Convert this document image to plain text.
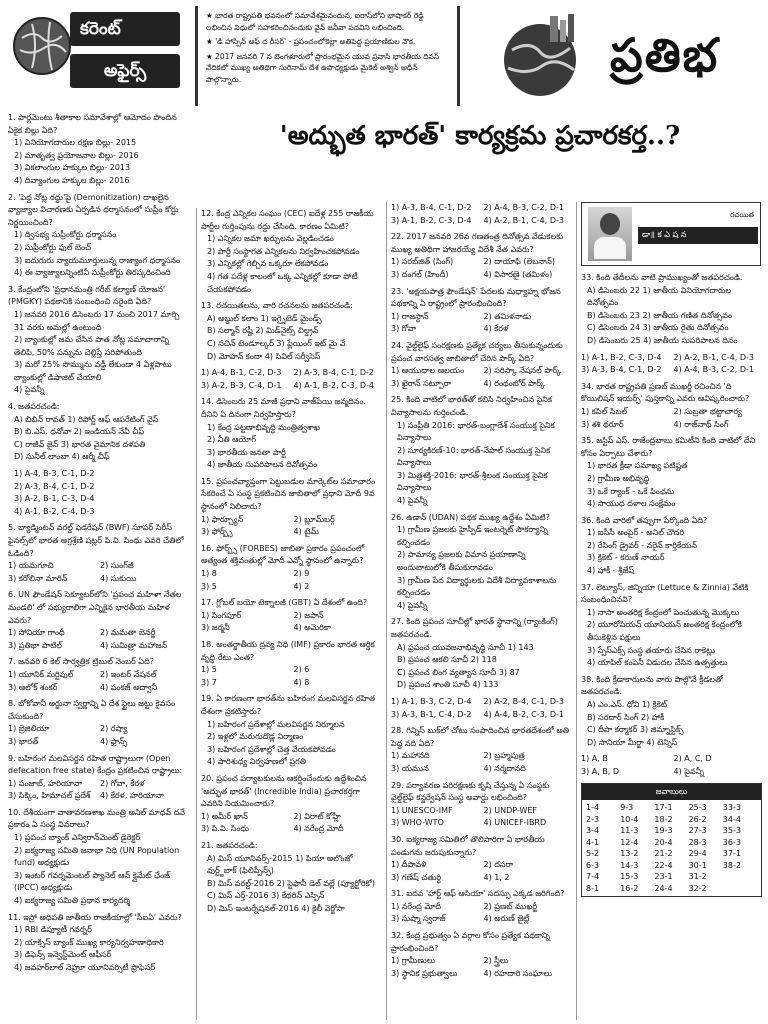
కరెంట్
అఫైర్స్

★ భారత రాష్ట్రపతి భవనంలో సమావేశమైనందున, ఐరాస్‌లోని భాషాకర్ రెడ్డి లభించిన విధులో సహకరించినందుకు వైన్ జనీవా పదవిని లభించింది.

★ 'డి హాస్పిన్ అఫ్ ద రీసర్' - ప్రపంచంలోకెల్లా అతిపెద్ద ప్రయాణికుల నౌక.

★ 2017 జనవరి 7 న బెంగళూరులో ప్రారంభమైన యువ ప్రవాసి భారతీయ దివస్ వేదికలో ముఖ్య అతిథిగా సురినామ్ దేశ ఉపాధ్యక్షుడు మైకెల్ అశ్విన్ అధీన్ పాల్గొన్నారు.	ప్రతిభ
'అద్భుత భారత్' కార్యక్రమ ప్రచారకర్త..?
1. పార్లమెంటు శీతాకాల సమావేశాల్లో ఆమోదం పొందిన ఏకైక బిల్లు ఏది?
1) వినియోగదారుల రక్షణ బిల్లు- 2015
2) మాతృత్వ ప్రయోజనాల బిల్లు- 2016
3) వికలాంగుల హక్కుల బిల్లు- 2013
4) దివ్యాంగుల హక్కుల బిల్లు- 2016
2. 'పెద్ద నోట్ల రద్దు'పై (Demonitization) దాఖలైన వ్యాజ్యాల విచారణకు ఏర్పడిన ధర్మాసనంలో సుప్రీం కోర్టు నిర్ణయించింది?
1) ద్విసభ్య సుప్రీంకోర్టు ధర్మాసనం
2) సుప్రీంకోర్టు ఫుల్ బెంచ్
3) ఐదుగురు న్యాయమూర్తులున్న రాజ్యాంగ ధర్మాసనం
4) ఈ వ్యాజ్యాలన్నింటినీ సుప్రీంకోర్టు తిరస్కరించింది
3. కేంద్రంలోని 'ప్రధానమంత్రి గరీబ్ కల్యాణ్ యోజన' (PMGKY) పథకానికి సంబంధించి సరైంది ఏది?
1) జనవరి 2016 డిసెంబరు 17 నుంచి 2017 మార్చి 31 వరకు అమల్లో ఉంటుంది
2) బ్యాంకుల్లో జమ చేసిన పాత నోట్ల సమాచారాన్ని తెలిపి, 50% పన్నును చెల్లిస్తే సరిపోతుంది
3) మరో 25% సొమ్మును వడ్డీ లేకుండా 4 ఏళ్లపాటు బ్యాంకుల్లో డిపాజిట్ చేయాలి
4) పైవన్నీ
4. జతపరచండి:
A) బిబిన్ రావత్ 1) రిపోర్ట్ ఆఫ్ ఆపరేటింగ్ వైస్
B) బి.ఎస్. ధనోవా 2) ఇండియన్ నేవీ చీఫ్
C) రాజీవ్ జైన్ 3) భారత వైమానిక దళపతి
D) సునీల్ లాంబా 4) ఆర్మీ చీఫ్
1) A-4, B-3, C-1, D-2
2) A-3, B-4, C-1, D-2
3) A-2, B-1, C-3, D-4
4) A-1, B-2, C-4, D-3
5. బ్యాడ్మింటన్ వరల్డ్ ఫెడరేషన్ (BWF) సూపర్ సిరీస్ ఫైనల్స్‌లో భారత అగ్రశ్రేణి షట్లర్ పి.వి. సింధు ఎవరి చేతిలో ఓడింది?
1) యమగూచి	2) సుంగ్‌జీ
3) కరోలినా మారిన్	4) సుకుయి
6. UN ఫౌండేషన్ సెక్యూటర్‌లోని 'ప్రపంచ మహిళా నేతల మండలి' లో సభ్యురాలిగా ఎన్నికైన భారతీయ మహిళ ఎవరు?
1) సోనియా గాంధీ	2) మమతా బెనర్జీ
3) ప్రతిభా పాటిల్	4) సుమిత్రా మహాజన్
7. జనవరి 6 కెల్ సార్వత్రిక ట్రిబుల్ నెంబర్ ఏది?
1) యూనిక్ మర్టిపుల్	2) ఇంటర్‌ నేషనల్
3) ఆలోక్ శంకర్	4) పంకజ్ అద్వానీ
8. బోకోవానీ అర్జునా స్వర్ణాన్ని ఏ దేశ స్టైలు జట్టు కైవసం చేసుకుంది?
1) బ్రెజిలియా	2) రష్యా
3) భారత్	4) ఫ్రాన్స్
9. బహిరంగ మలవిసర్జన రహిత రాష్ట్రాలుగా (Open defecation free state) కేంద్రం ప్రకటించిన రాష్ట్రాలు:
1) పంజాబ్, హరియానా	2) గోవా, కేరళ
3) సిక్కిం, హిమాచల్ ప్రదేశ్	4) కేరళ, హరియానా
10. దేశీయంగా వాతావరణశాఖ మంత్రి అనిల్ మాధవ్ దవే ప్రకారం ఏ సంస్థ వివరాలు?
1) ప్రపంచ బ్యాంక్ ఎన్విరాన్‌మెంట్ డైరెక్టర్
2) ఐక్యరాజ్య సమితి జనాభా నిధి (UN Population fund) అధ్యక్షుడు
3) ఇంటర్ గవర్నమెంటల్ ప్యానెల్ ఆన్ క్లైమేట్ ఛేంజ్ (IPCC) అధ్యక్షుడు
4) ఐక్యరాజ్య సమితి ప్రధాన కార్యదర్శి
11. ఇస్రో అధిపతి జాతీయ రాజకీయాల్లో 'సీఐఏ' ఎవరు?
1) RBI డిప్యూటీ గవర్నర్
2) యాక్సిస్ బ్యాంక్ ముఖ్య కార్యనిర్వహణాధికారి
3) డిఫెన్స్ ఇన్వెస్ట్‌మెంట్ ఆఫీసర్
4) జవహర్‌లాల్ నెహ్రూ యూనివర్సిటీ ప్రొఫెసర్
12. కేంద్ర ఎన్నికల సంఘం (CEC) ఐదేళ్ల 255 రాజకీయ పార్టీల గుర్తింపును రద్దు చేసింది. కారణం ఏమిటి?
1) ఎన్నికల జమా ఖర్చులను వెల్లడించడం
2) పార్టీ సంస్థాగత ఎన్నికలను నిర్వహించకపోవడం
3) ఎన్నికల్లో గెల్చిన ఒక్కరూ లేకపోవడం
4) గత పదేళ్ల కాలంలో ఒక్క ఎన్నికల్లో కూడా పోటీ చేయకపోవడం
13. రచయితలను, వారి రచనలను జతపరచండి:
A) అబ్దుల్ కలాం 1) ఇగ్నైటెడ్ మైండ్స్
B) సల్మాన్ రష్దీ 2) మిడ్‌నైట్స్ చిల్డ్రన్
C) సచిన్ టెండూల్కర్ 3) ప్లేయింగ్ ఇట్ మై వే
D) మోహన్ కందా 4) సివిల్ సర్వీసెస్
1) A-4, B-1, C-2, D-3	2) A-3, B-4, C-1, D-2
3) A-2, B-3, C-4, D-1	4) A-1, B-2, C-3, D-4
14. డిసెంబరు 25 మాజీ ప్రధాని వాజ్‌పేయి జన్మదినం. దీనిని ఏ దినంగా నిర్వహిస్తారు?
1) కేంద్ర పట్టణాభివృద్ధి మంత్రిత్వశాఖ
2) నీతి ఆయోగ్
3) భారతీయ జనతా పార్టీ
4) జాతీయ సుపరిపాలన దినోత్సవం
15. ప్రపంచవ్యాప్తంగా పెట్టుబడుల మార్కెట్‌ల సమాచారం సేకరించే ఏ సంస్థ ప్రకటించిన జాబితాలో ప్రధాని మోదీ 9వ స్థానంలో నిలిచారు?
1) ఫార్చ్యూన్	2) బ్లూమ్‌బర్గ్
3) ఫోర్బ్స్	4) టైమ్
16. ఫోర్బ్స్ (FORBES) జాబితా ప్రకారం ప్రపంచంలో అత్యంత శక్తివంతుల్లో మోదీ ఎన్నో స్థానంలో ఉన్నారు?
1) 8	2) 9
3) 5	4) 2
17. గ్లోబల్ బయో టెక్నాలజీ (GBT) ఏ దేశంలో ఉంది?
1) సింగపూర్	2) జపాన్
3) జర్మనీ	4) అమెరికా
18. అంతర్జాతీయ ద్రవ్య నిధి (IMF) ప్రకారం భారత ఆర్థిక వృద్ధి రేటు ఎంత?
1) 5	2) 6
3) 7	4) 8
19. ఏ కారణంగా భారత్‌ను బహిరంగ మలవిసర్జన రహిత దేశంగా ప్రకటిస్తారు?
1) బహిరంగ ప్రదేశాల్లో మలవిసర్జన నిర్మూలన
2) ఇళ్లలో మరుగుదొడ్ల నిర్మాణం
3) బహిరంగ ప్రదేశాల్లో చెత్త వేయకపోవడం
4) పారిశుధ్య నిర్వహణలో ప్రగతి
20. ప్రపంచ పర్యాటకులను ఆకర్షించేందుకు ఉద్దేశించిన 'అద్భుత భారత్' (Incredible India) ప్రచారకర్తగా ఎవరిని నియమించారు?
1) అమీర్ ఖాన్	2) విరాట్ కోహ్లీ
3) పి.వి. సింధు	4) నరేంద్ర మోదీ
21. జతపరచండి:
A) మిస్ యూనివర్స్-2015 1) పియా అలొంజో వుర్ట్జ్‌బాక్ (ఫిలిప్పీన్స్)
B) మిస్ వరల్డ్-2016 2) స్టెఫానీ డెల్ వల్లే (ప్యూర్టోరికో)
C) మిస్ ఎర్త్-2016 3) కేథరిన్ ఎస్పిన్
D) మిస్ ఇంటర్నేషనల్-2016 4) కైలీ వెర్జోసా
1) A-3, B-4, C-1, D-2	2) A-4, B-3, C-2, D-1
3) A-1, B-2, C-3, D-4	4) A-2, B-1, C-4, D-3
22. 2017 జనవరి 26న గణతంత్ర దినోత్సవ వేడుకలకు ముఖ్య అతిథిగా హాజరయ్యే విదేశీ నేత ఎవరు?
1) సరబ్‌జిత్ (సింగ్)	2) దాయాఫి (లెబనాన్)
3) దంగల్ (హిందీ)	4) విసారణై (తమిళం)
23. 'అక్షయపాత్ర ఫౌండేషన్' పేదలకు మధ్యాహ్న భోజన పథకాన్ని ఏ రాష్ట్రంలో ప్రారంభించింది?
1) రాజస్థాన్	2) తమిళనాడు
3) గోవా	4) కేరళ
24. వైల్డ్‌లైఫ్ సంరక్షణకు ప్రత్యేక చర్యలు తీసుకున్నందుకు ప్రపంచ వారసత్వ జాబితాలో చేరిన పార్క్ ఏది?
1) ఆయుధాల ఆలయం	2) సరిస్కా నేషనల్ పార్క్
3) ఖైరాన్ సట్పూరా	4) రంథంబోర్ పార్క్
25. కింది వాటిలో భారత్‌తో కలిసి నిర్వహించిన సైనిక విన్యాసాలను గుర్తించండి.
1) సంప్రీతి 2016: భారత్-బంగ్లాదేశ్ సంయుక్త సైనిక విన్యాసాలు
2) సూర్యకిరణ్-10: భారత్-నేపాల్ సంయుక్త సైనిక విన్యాసాలు
3) మిత్రశక్తి-2016: భారత్-శ్రీలంక సంయుక్త సైనిక విన్యాసాలు
4) పైవన్నీ
26. ఉడాన్ (UDAN) పథక ముఖ్య ఉద్దేశం ఏమిటి?
1) గ్రామీణ ప్రజలకు హైస్పీడ్ ఇంటర్నెట్ సౌకర్యాన్ని కల్పించడం
2) సామాన్య ప్రజలకు విమాన ప్రయాణాన్ని అందుబాటులోకి తీసుకురావడం
3) గ్రామీణ పేద విద్యార్థులకు విదేశీ విద్యావకాశాలను కల్పించడం
4) పైవన్నీ
27. కింది ప్రపంచ సూచీల్లో భారత్ స్థానాన్ని (ర్యాంకింగ్‌) జతపరచండి.
A) ప్రపంచ యువజనాభివృద్ధి సూచీ 1) 143
B) ప్రపంచ ఆకలి సూచీ 2) 118
C) ప్రపంచ లింగ వ్యత్యాస సూచీ 3) 87
D) ప్రపంచ శాంతి సూచీ 4) 133
1) A-1, B-3, C-2, D-4	2) A-2, B-4, C-1, D-3
3) A-3, B-1, C-4, D-2	4) A-4, B-2, C-3, D-1
28. గిన్నిస్ బుక్‌లో చోటు సంపాదించిన భారతదేశంలో అతి పెద్ద నది ఏది?
1) మహానది	2) బ్రహ్మపుత్ర
3) యమున	4) నర్మదానది
29. పర్యావరణ పరిరక్షణకు కృషి చేస్తున్న ఏ సంస్థకు వైల్డ్‌లైఫ్ కన్జర్వేషన్ సంస్థ అవార్డు లభించింది?
1) UNESCO-IMF	2) UNDP-WEF
3) WHO-WTO	4) UNICEF-IBRD
30. ఐక్యరాజ్య సమితిలో తొలిసారిగా ఏ భారతీయ పండుగను జరుపుకున్నారు?
1) దీపావళి	2) దసరా
3) గణేష్ చతుర్థి	4) 1, 2
31. ఐదవ 'హార్ట్ ఆఫ్ ఆసియా' సదస్సు ఎక్కడ జరిగింది?
1) నరేంద్ర మోదీ	2) ప్రణబ్ ముఖర్జీ
3) సుష్మా స్వరాజ్	4) అరుణ్ జైట్లీ
32. కేంద్ర ప్రభుత్వం ఏ వర్గాల కోసం ప్రత్యేక పథకాన్ని ప్రారంభించింది?
1) గ్రామీణులు	2) స్త్రీలు
3) స్థానిక ప్రభుత్వాలు	4) రహదారి సంఘాలు
రచయిత
డా॥ క ఎ ష న
33. కింది తేదీలను వాటి ప్రాముఖ్యంతో జతపరచండి.
A) డిసెంబరు 22 1) జాతీయ వినియోగదారుల దినోత్సవం
B) డిసెంబరు 23 2) జాతీయ గణిత దినోత్సవం
C) డిసెంబరు 24 3) జాతీయ రైతు దినోత్సవం
D) డిసెంబరు 25 4) జాతీయ సుపరిపాలన దినం
1) A-1, B-2, C-3, D-4	2) A-2, B-1, C-4, D-3
3) A-3, B-4, C-1, D-2	4) A-4, B-3, C-2, D-1
34. భారత రాష్ట్రపతి ప్రణబ్ ముఖర్జీ రచించిన 'ది కొయిలిషన్ ఇయర్స్' పుస్తకాన్ని ఎవరు ఆవిష్కరించారు?
1) కపిల్ సిబల్	2) సుబ్రతా భట్టాచార్య
3) శశి థరూర్	4) రాజ్‌నాథ్ సింగ్
35. జస్టిస్ ఎస్. రాజేంద్రబాబు కమిటీని కింది వాటిలో దేని కోసం ఏర్పాటు చేశారు?
1) భారత క్రీడా సమాఖ్య పటిష్టత
2) గ్రామీణ అభివృద్ధి
3) ఒకే ర్యాంక్ - ఒకే పింఛను
4) సాయుధ దళాల సంక్షేమం
36. కింది వారిలో తప్పుగా పేర్కొంది ఏది?
1) ఐసీసీ అంపైర్ - అనిల్ చౌదరి
2) రేసింగ్ డ్రైవర్ - నరైన్ కార్తికేయన్
3) క్రికెట్ - కరుణ్ నాయర్
4) హాకీ - శ్రీజేష్
37. లెట్యూస్, జిన్నియా (Lettuce & Zinnia) వేటికి సంబంధించినవి?
1) నాసా అంతరిక్ష కేంద్రంలో పెంచుతున్న మొక్కలు
2) యూరోపియన్ యూనియన్ అంతరిక్ష కేంద్రంలోకి తీసుకెళ్లిన పక్షులు
3) స్పేస్‌ఎక్స్ సంస్థ తయారు చేసిన రాకెట్లు
4) యాపిల్ కంపెనీ విడుదల చేసిన ఉత్పత్తులు
38. కింది క్రీడాకారులను వారు పాల్గొనే క్రీడలతో జతపరచండి.
A) ఎం.ఎస్. ధోని 1) క్రికెట్
B) సరదార్ సింగ్ 2) హాకీ
C) దీపా కర్మాకర్ 3) జిమ్నాస్టిక్స్
D) సానియా మీర్జా 4) టెన్నిస్
1) A, B	2) A, C, D
3) A, B, D	4) పైవన్నీ
జవాబులు
1-4	9-3	17-1	25-3	33-3
2-3	10-4	18-2	26-2	34-4
3-4	11-3	19-3	27-3	35-3
4-1	12-4	20-4	28-3	36-3
5-2	13-2	21-2	29-4	37-1
6-3	14-3	22-4	30-1	38-2
7-4	15-3	23-1	31-2
8-1	16-2	24-4	32-2
